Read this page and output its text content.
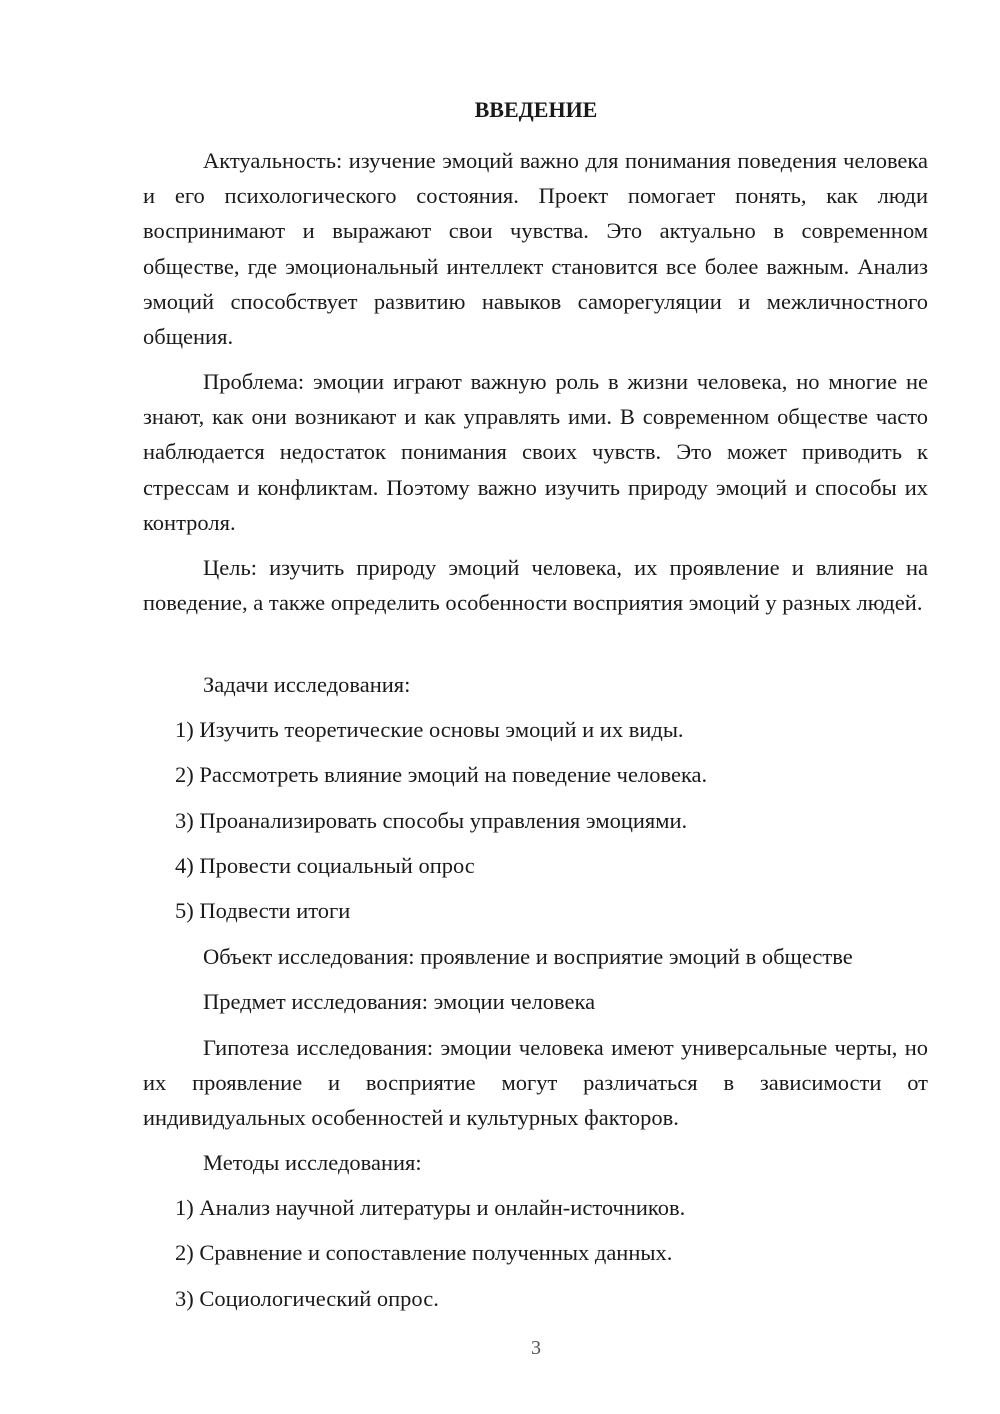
ВВЕДЕНИЕ

Актуальность: изучение эмоций важно для понимания поведения человека и его психологического состояния. Проект помогает понять, как люди воспринимают и выражают свои чувства. Это актуально в современном обществе, где эмоциональный интеллект становится все более важным. Анализ эмоций способствует развитию навыков саморегуляции и межличностного общения.

Проблема: эмоции играют важную роль в жизни человека, но многие не знают, как они возникают и как управлять ими. В современном обществе часто наблюдается недостаток понимания своих чувств. Это может приводить к стрессам и конфликтам. Поэтому важно изучить природу эмоций и способы их контроля.

Цель: изучить природу эмоций человека, их проявление и влияние на поведение, а также определить особенности восприятия эмоций у разных людей.

Задачи исследования:
1) Изучить теоретические основы эмоций и их виды.
2) Рассмотреть влияние эмоций на поведение человека.
3) Проанализировать способы управления эмоциями.
4) Провести социальный опрос
5) Подвести итоги
Объект исследования: проявление и восприятие эмоций в обществе
Предмет исследования: эмоции человека

Гипотеза исследования: эмоции человека имеют универсальные черты, но их проявление и восприятие могут различаться в зависимости от индивидуальных особенностей и культурных факторов.

Методы исследования:
1) Анализ научной литературы и онлайн-источников.
2) Сравнение и сопоставление полученных данных.
3) Социологический опрос.
3
